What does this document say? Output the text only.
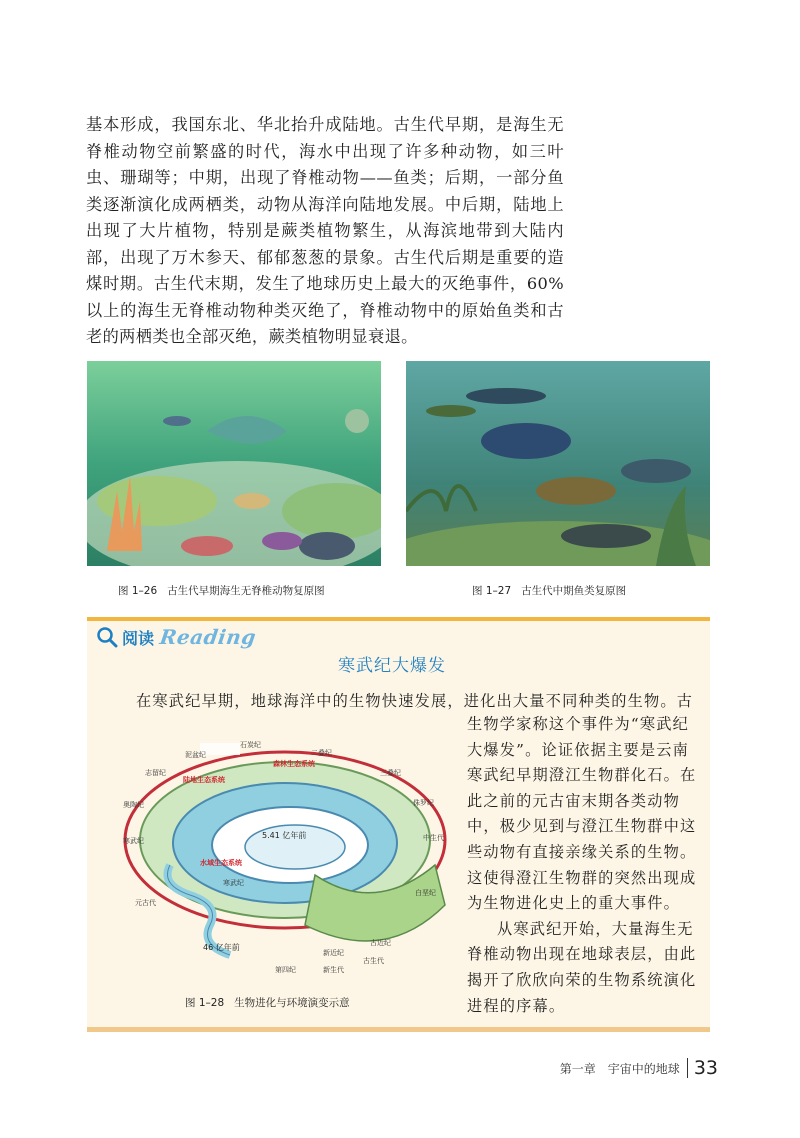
基本形成，我国东北、华北抬升成陆地。古生代早期，是海生无脊椎动物空前繁盛的时代，海水中出现了许多种动物，如三叶虫、珊瑚等；中期，出现了脊椎动物——鱼类；后期，一部分鱼类逐渐演化成两栖类，动物从海洋向陆地发展。中后期，陆地上出现了大片植物，特别是蕨类植物繁生，从海滨地带到大陆内部，出现了万木参天、郁郁葱葱的景象。古生代后期是重要的造煤时期。古生代末期，发生了地球历史上最大的灭绝事件，60%以上的海生无脊椎动物种类灭绝了，脊椎动物中的原始鱼类和古老的两栖类也全部灭绝，蕨类植物明显衰退。
图 1–26 古生代早期海生无脊椎动物复原图	图 1–27 古生代中期鱼类复原图
阅读 Reading
寒武纪大爆发
在寒武纪早期，地球海洋中的生物快速发展，进化出大量不同种类的生物。古

生物学家称这个事件为“寒武纪大爆发”。论证依据主要是云南寒武纪早期澄江生物群化石。在此之前的元古宙末期各类动物中，极少见到与澄江生物群中这些动物有直接亲缘关系的生物。这使得澄江生物群的突然出现成为生物进化史上的重大事件。

从寒武纪开始，大量海生无脊椎动物出现在地球表层，由此揭开了欣欣向荣的生物系统演化进程的序幕。

石炭纪
泥盆纪
志留纪
奥陶纪
寒武纪
二叠纪
三叠纪
侏罗纪
中生代
白垩纪
古近纪
新近纪
第四纪	新生代
古生代
寒武纪
元古代
5.41 亿年前
46 亿年前
森林生态系统
陆地生态系统
水域生态系统
图 1–28 生物进化与环境演变示意
第一章　宇宙中的地球 33
